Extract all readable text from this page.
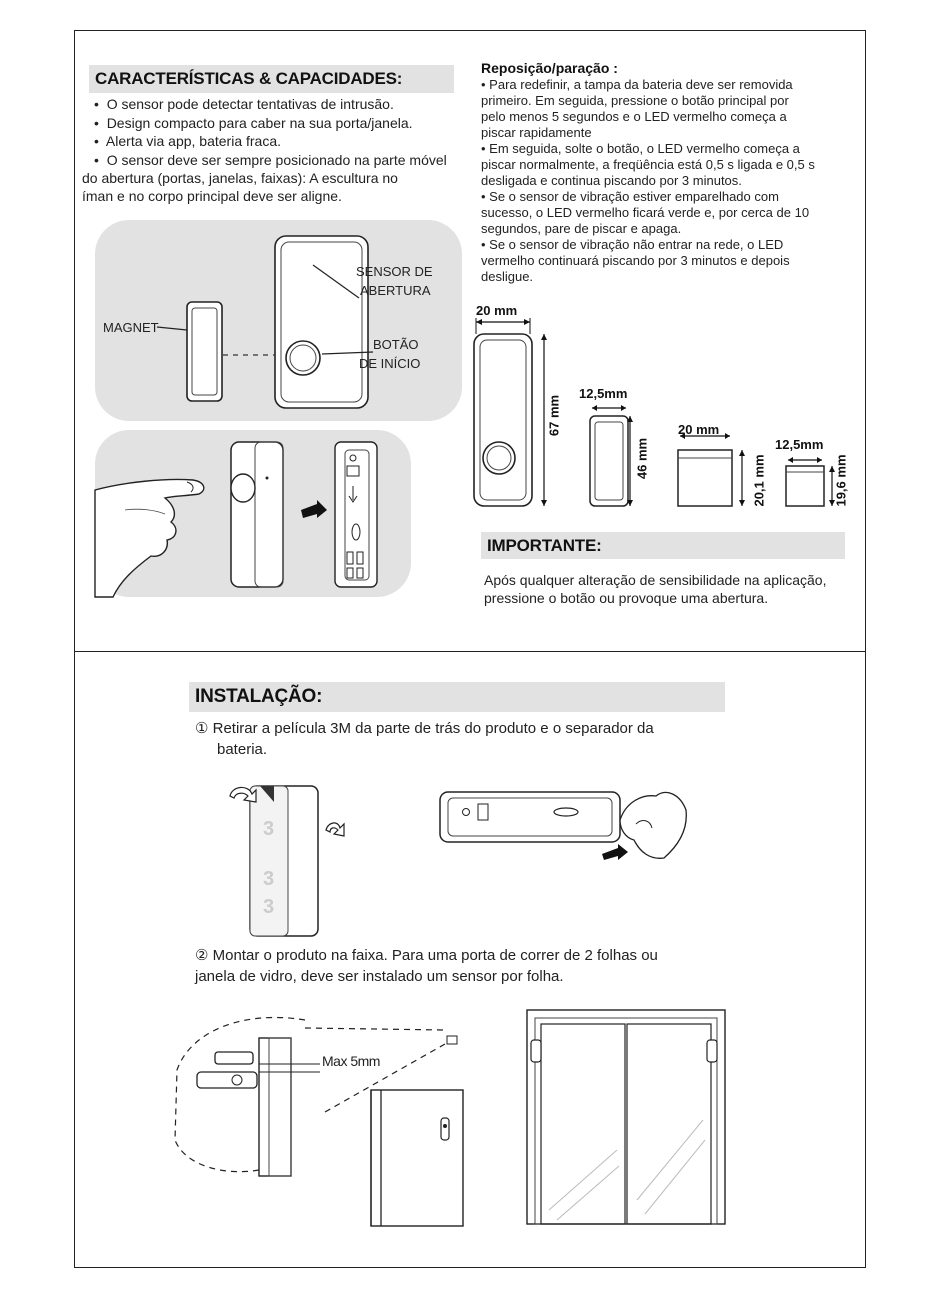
CARACTERÍSTICAS & CAPACIDADES:
• O sensor pode detectar tentativas de intrusão.
• Design compacto para caber na sua porta/janela.
• Alerta via app, bateria fraca.
• O sensor deve ser sempre posicionado na parte móvel
do abertura (portas, janelas, faixas): A escultura no
íman e no corpo principal deve ser aligne.
MAGNET
SENSOR DE
ABERTURA
BOTÃO
DE INÍCIO
Reposição/paração :
• Para redefinir, a tampa da bateria deve ser removida
primeiro. Em seguida, pressione o botão principal por
pelo menos 5 segundos e o LED vermelho começa a
piscar rapidamente
• Em seguida, solte o botão, o LED vermelho começa a
piscar normalmente, a freqüência está 0,5 s ligada e 0,5 s
desligada e continua piscando por 3 minutos.
• Se o sensor de vibração estiver emparelhado com
sucesso, o LED vermelho ficará verde e, por cerca de 10
segundos, pare de piscar e apaga.
• Se o sensor de vibração não entrar na rede, o LED
vermelho continuará piscando por 3 minutos e depois
desligue.
20 mm
67 mm
12,5mm
46 mm
20 mm
20,1 mm
12,5mm
19,6 mm
IMPORTANTE:
Após qualquer alteração de sensibilidade na aplicação,
pressione o botão ou provoque uma abertura.
INSTALAÇÃO :
① Retirar a película 3M da parte de trás do produto e o separador da
bateria.
3
3
3
② Montar o produto na faixa. Para uma porta de correr de 2 folhas ou
janela de vidro, deve ser instalado um sensor por folha.
Max 5mm
